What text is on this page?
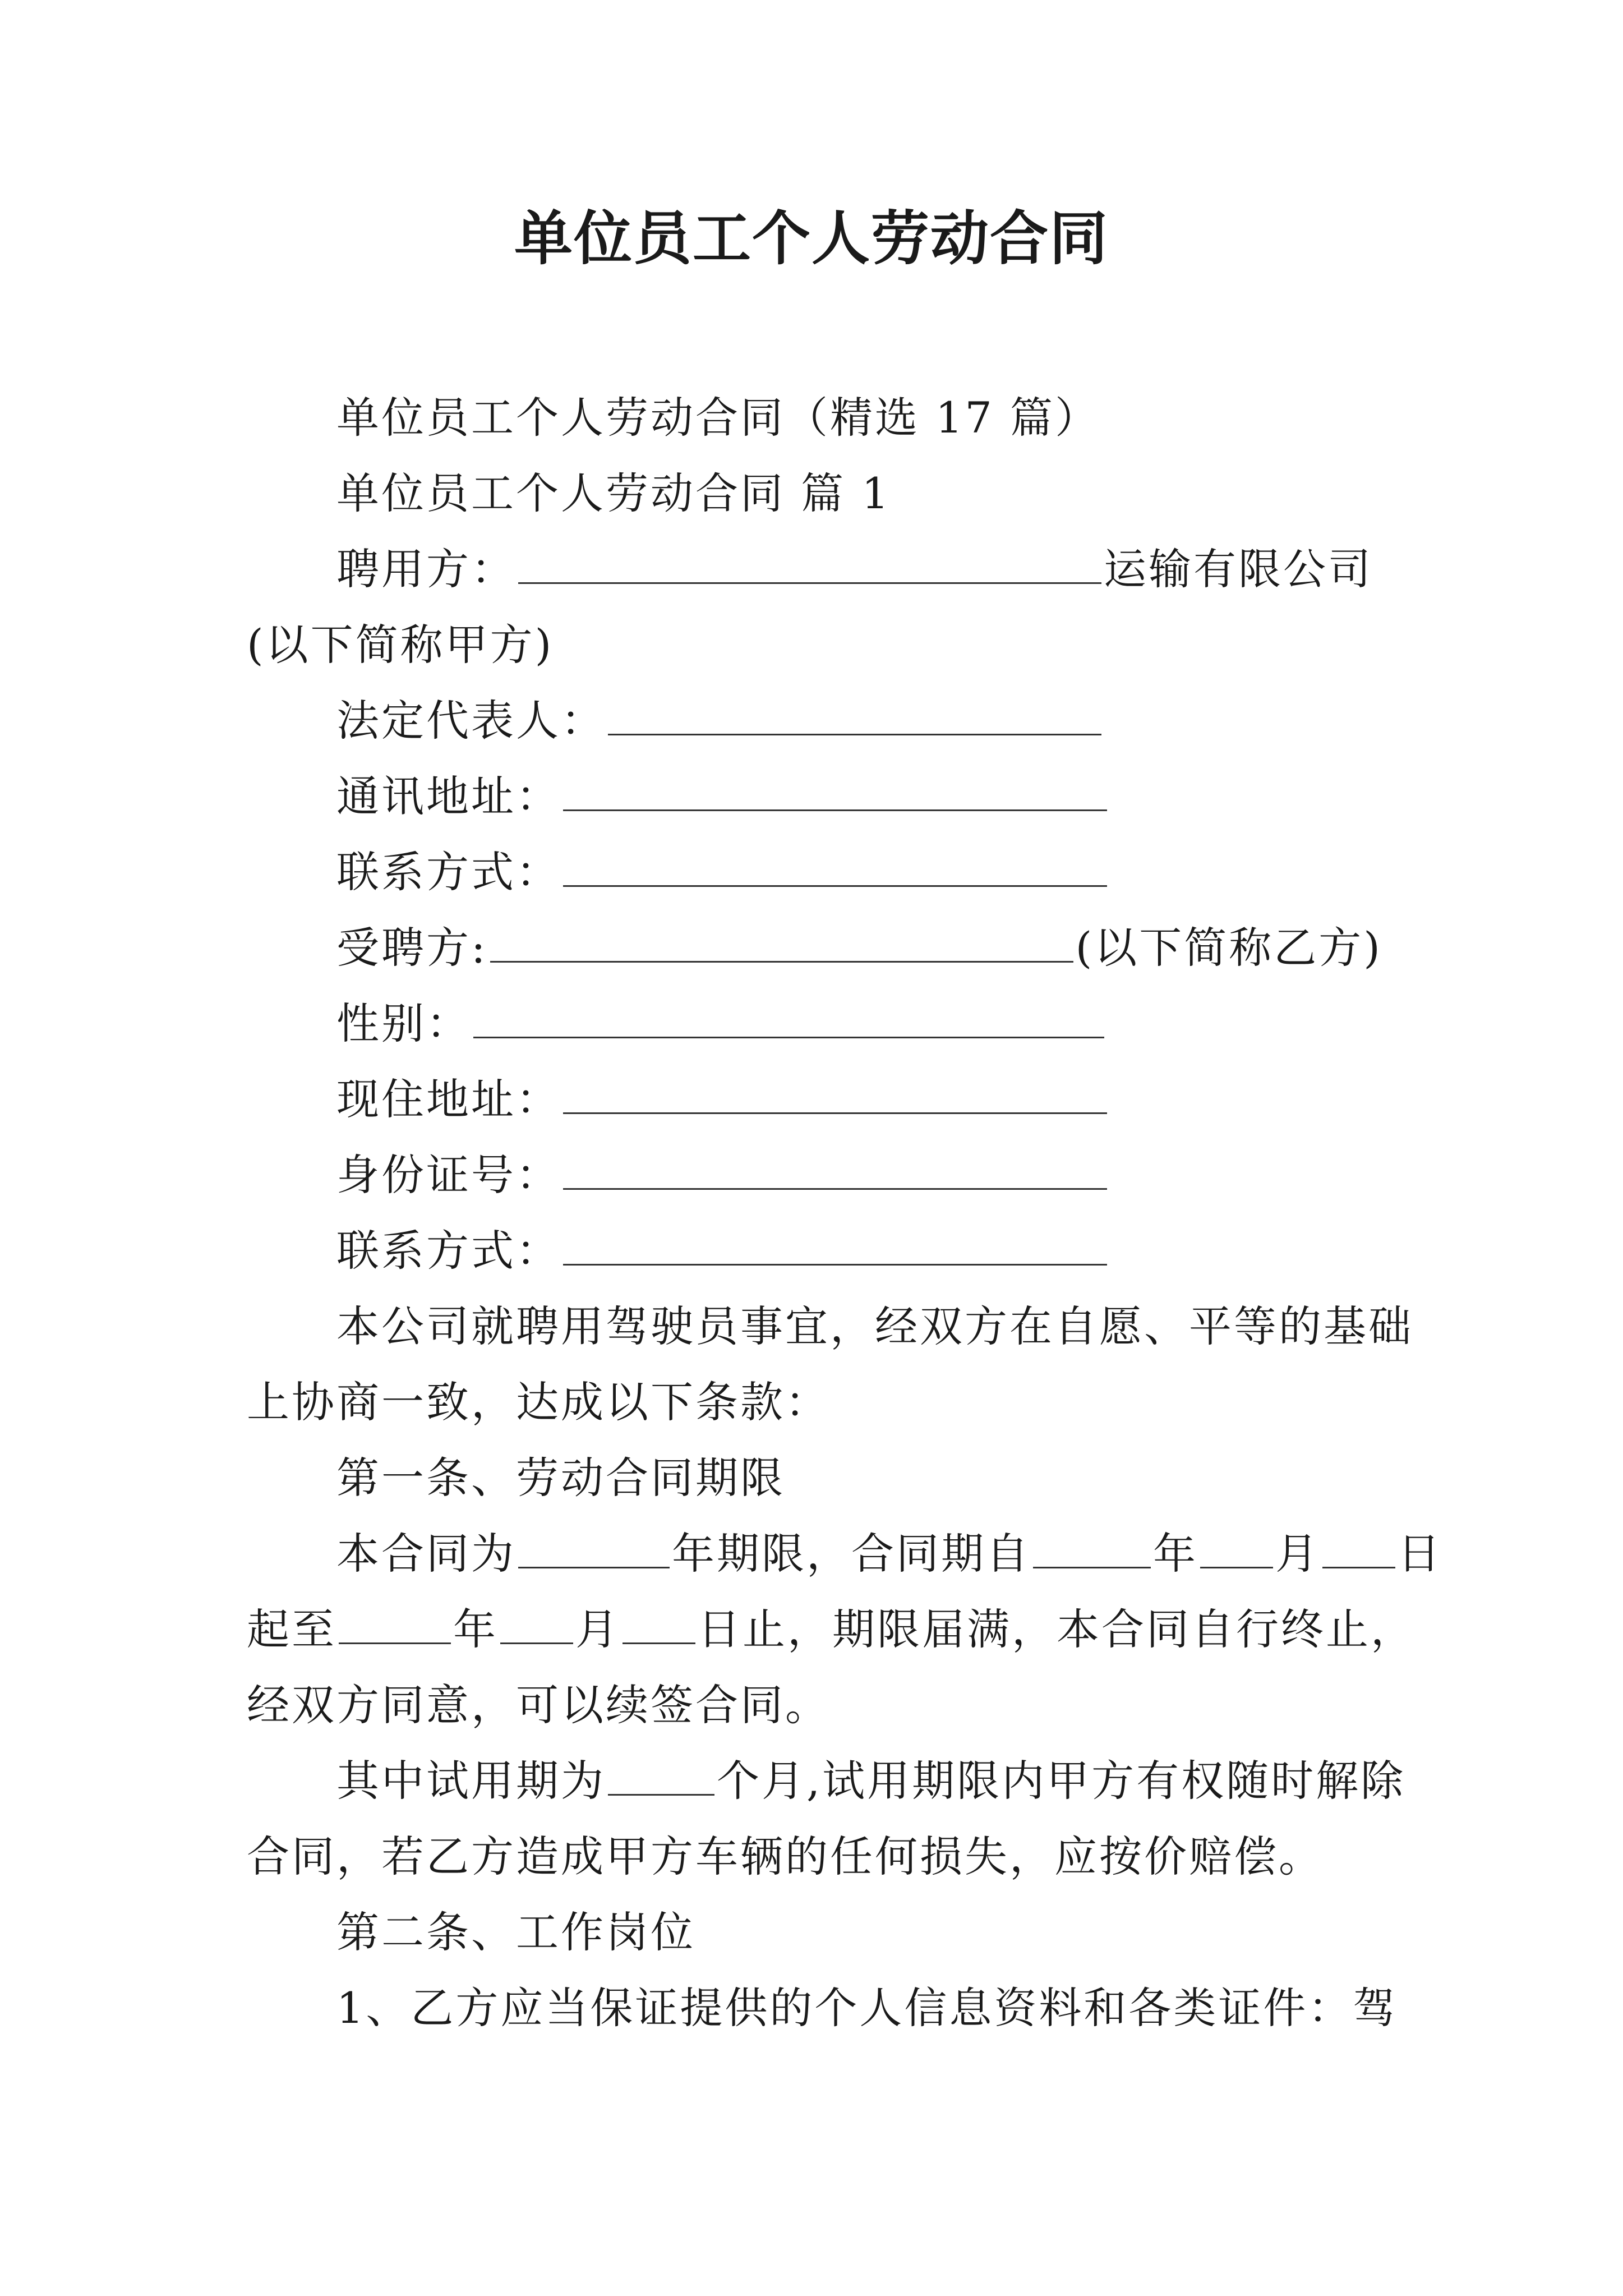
单位员工个人劳动合同
单位员工个人劳动合同（精选 17 篇）
单位员工个人劳动合同 篇 1
聘用方：	运输有限公司
(以下简称甲方)
法定代表人：
通讯地址：
联系方式：
受聘方:	(以下简称乙方)
性别：
现住地址：
身份证号：
联系方式：
本公司就聘用驾驶员事宜，经双方在自愿、平等的基础
上协商一致，达成以下条款：
第一条、劳动合同期限
本合同为	年期限，合同期自	年 月 日
起至	年 月 日止，期限届满，本合同自行终止，
经双方同意，可以续签合同。
其中试用期为	个月,试用期限内甲方有权随时解除
合同，若乙方造成甲方车辆的任何损失，应按价赔偿。
第二条、工作岗位
1、乙方应当保证提供的个人信息资料和各类证件：驾
